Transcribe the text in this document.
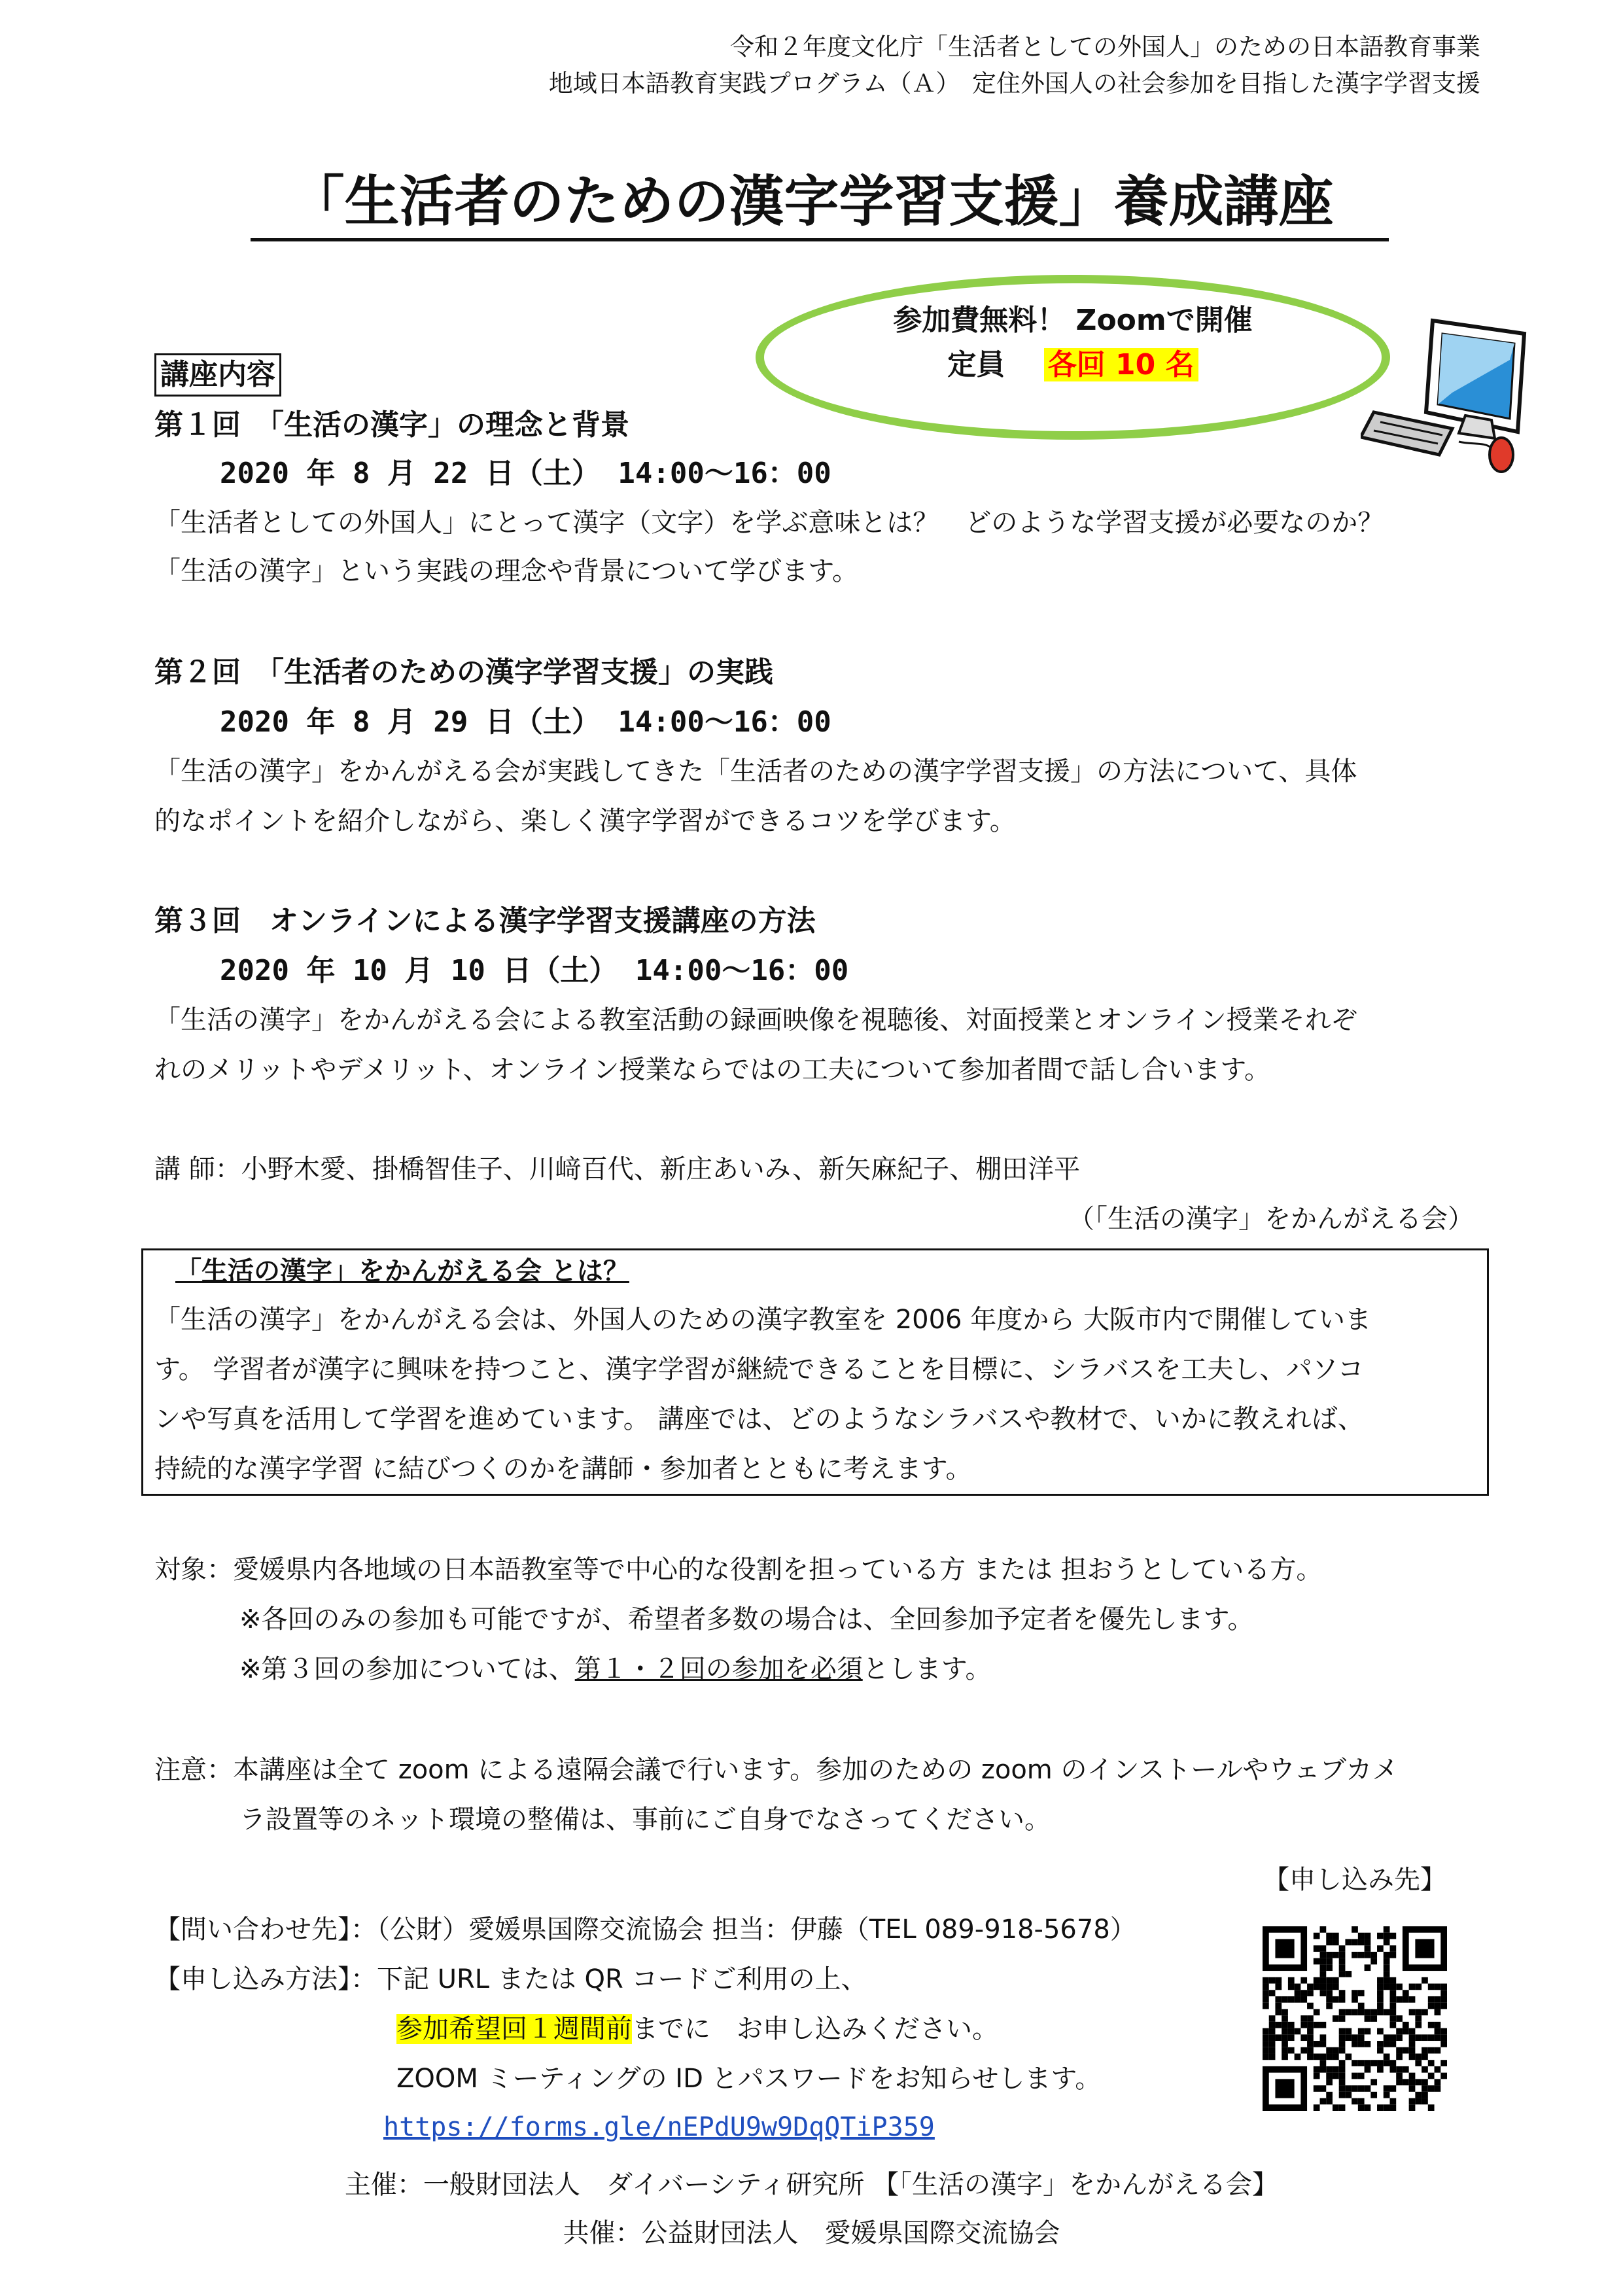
令和２年度文化庁「生活者としての外国人」のための日本語教育事業
地域日本語教育実践プログラム（Ａ）　定住外国人の社会参加を目指した漢字学習支援
「生活者のための漢字学習支援」養成講座
参加費無料！ Zoomで開催
定員  各回 10 名
講座内容
第１回　「生活の漢字」の理念と背景
2020 年 8 月 22 日（土） 14:00～16：00
「生活者としての外国人」にとって漢字（文字）を学ぶ意味とは？　どのような学習支援が必要なのか？
「生活の漢字」という実践の理念や背景について学びます。
第２回　「生活者のための漢字学習支援」の実践
2020 年 8 月 29 日（土） 14:00～16：00
「生活の漢字」をかんがえる会が実践してきた「生活者のための漢字学習支援」の方法について、具体
的なポイントを紹介しながら、楽しく漢字学習ができるコツを学びます。
第３回　オンラインによる漢字学習支援講座の方法
2020 年 10 月 10 日（土） 14:00～16：00
「生活の漢字」をかんがえる会による教室活動の録画映像を視聴後、対面授業とオンライン授業それぞ
れのメリットやデメリット、オンライン授業ならではの工夫について参加者間で話し合います。
講 師：小野木愛、掛橋智佳子、川﨑百代、新庄あいみ、新矢麻紀子、棚田洋平
（「生活の漢字」をかんがえる会）
「生活の漢字」をかんがえる会 とは？
「生活の漢字」をかんがえる会は、外国人のための漢字教室を 2006 年度から 大阪市内で開催していま
す。 学習者が漢字に興味を持つこと、漢字学習が継続できることを目標に、シラバスを工夫し、パソコ
ンや写真を活用して学習を進めています。 講座では、どのようなシラバスや教材で、いかに教えれば、
持続的な漢字学習 に結びつくのかを講師・参加者とともに考えます。
対象：愛媛県内各地域の日本語教室等で中心的な役割を担っている方 または 担おうとしている方。
※各回のみの参加も可能ですが、希望者多数の場合は、全回参加予定者を優先します。
※第３回の参加については、第１・２回の参加を必須とします。
注意：本講座は全て zoom による遠隔会議で行います。参加のための zoom のインストールやウェブカメ
ラ設置等のネット環境の整備は、事前にご自身でなさってください。
【申し込み先】
【問い合わせ先】：（公財）愛媛県国際交流協会 担当：伊藤（TEL 089-918-5678）
【申し込み方法】：下記 URL または QR コードご利用の上、
参加希望回１週間前までに　お申し込みください。
ZOOM ミーティングの ID とパスワードをお知らせします。
https://forms.gle/nEPdU9w9DqQTiP359
主催：一般財団法人　ダイバーシティ研究所 【「生活の漢字」をかんがえる会】
共催：公益財団法人　愛媛県国際交流協会
